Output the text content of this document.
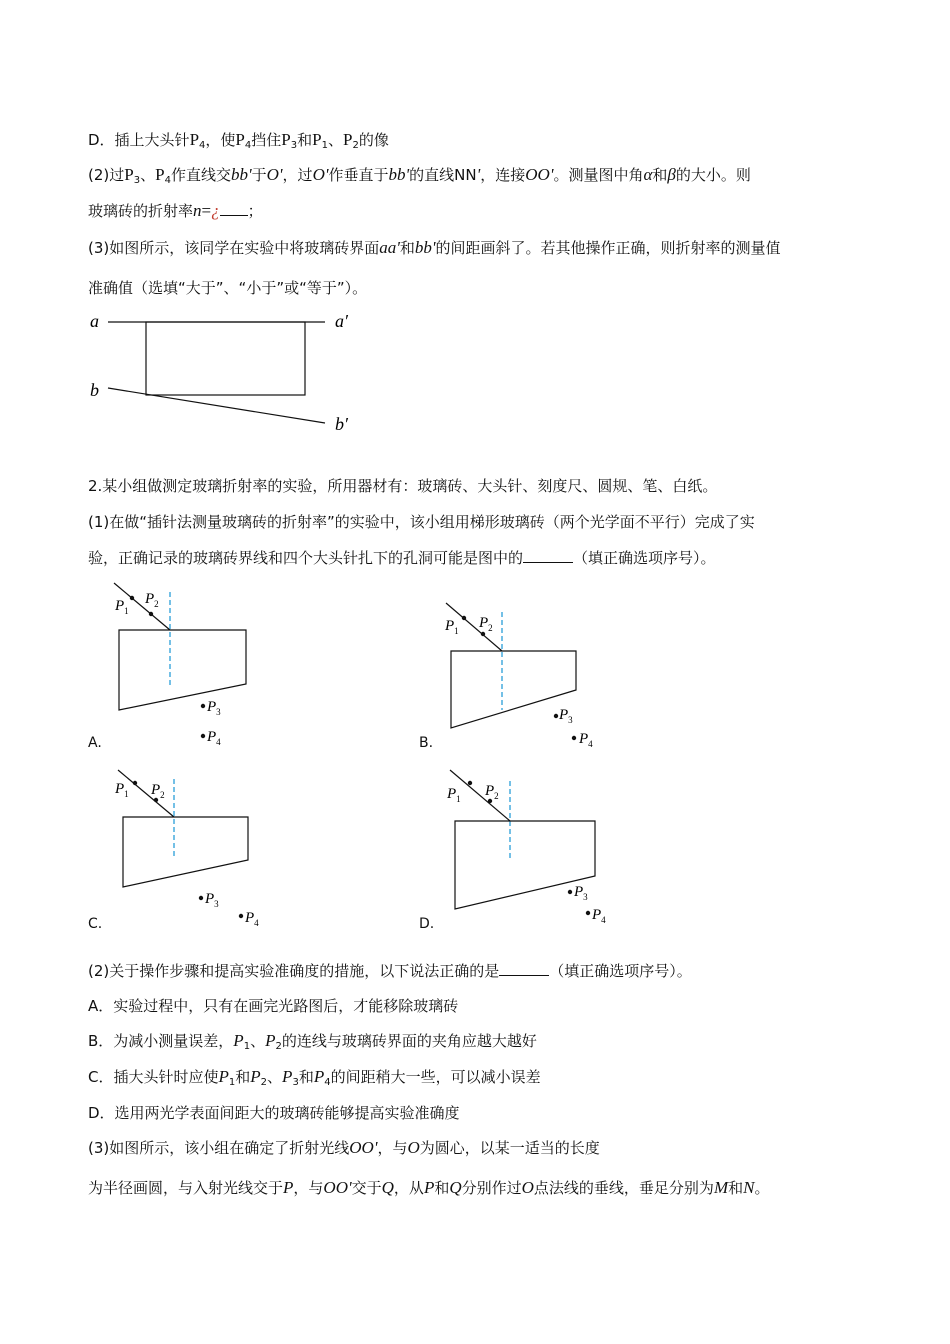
D．插上大头针$P_4$，使$P_4$挡住$P_3$和$P_1$、$P_2$的像
(2)过$P_3$、$P_4$作直线交bb'于O'，过O'作垂直于bb'的直线NN'，连接OO'。测量图中角α和β的大小。则
玻璃砖的折射率n=¿ ；
(3)如图所示，该同学在实验中将玻璃砖界面aa'和bb'的间距画斜了。若其他操作正确，则折射率的测量值
准确值（选填“大于”、“小于”或“等于”）。
a	a′
b
b′
2.某小组做测定玻璃折射率的实验，所用器材有：玻璃砖、大头针、刻度尺、圆规、笔、白纸。
(1)在做“插针法测量玻璃砖的折射率”的实验中，该小组用梯形玻璃砖（两个光学面不平行）完成了实
验，正确记录的玻璃砖界线和四个大头针扎下的孔洞可能是图中的	（填正确选项序号）。
$P_1$
$P_2$
$P_3$
$P_4$
A.
$P_1$ $P_2$
$P_3$
$P_4$
B.
$P_1$ $P_2$
$P_3$
$P_4$
C.
$P_1$ $P_2$
$P_3$
$P_4$
D.
(2)关于操作步骤和提高实验准确度的措施，以下说法正确的是	（填正确选项序号）。
A．实验过程中，只有在画完光路图后，才能移除玻璃砖
B．为减小测量误差，$P_1$、$P_2$的连线与玻璃砖界面的夹角应越大越好
C．插大头针时应使$P_1$和$P_2$、$P_3$和$P_4$的间距稍大一些，可以减小误差
D．选用两光学表面间距大的玻璃砖能够提高实验准确度
(3)如图所示，该小组在确定了折射光线OO'，与O为圆心，以某一适当的长度
为半径画圆，与入射光线交于P，与OO'交于Q，从P和Q分别作过O点法线的垂线，垂足分别为M和N。
